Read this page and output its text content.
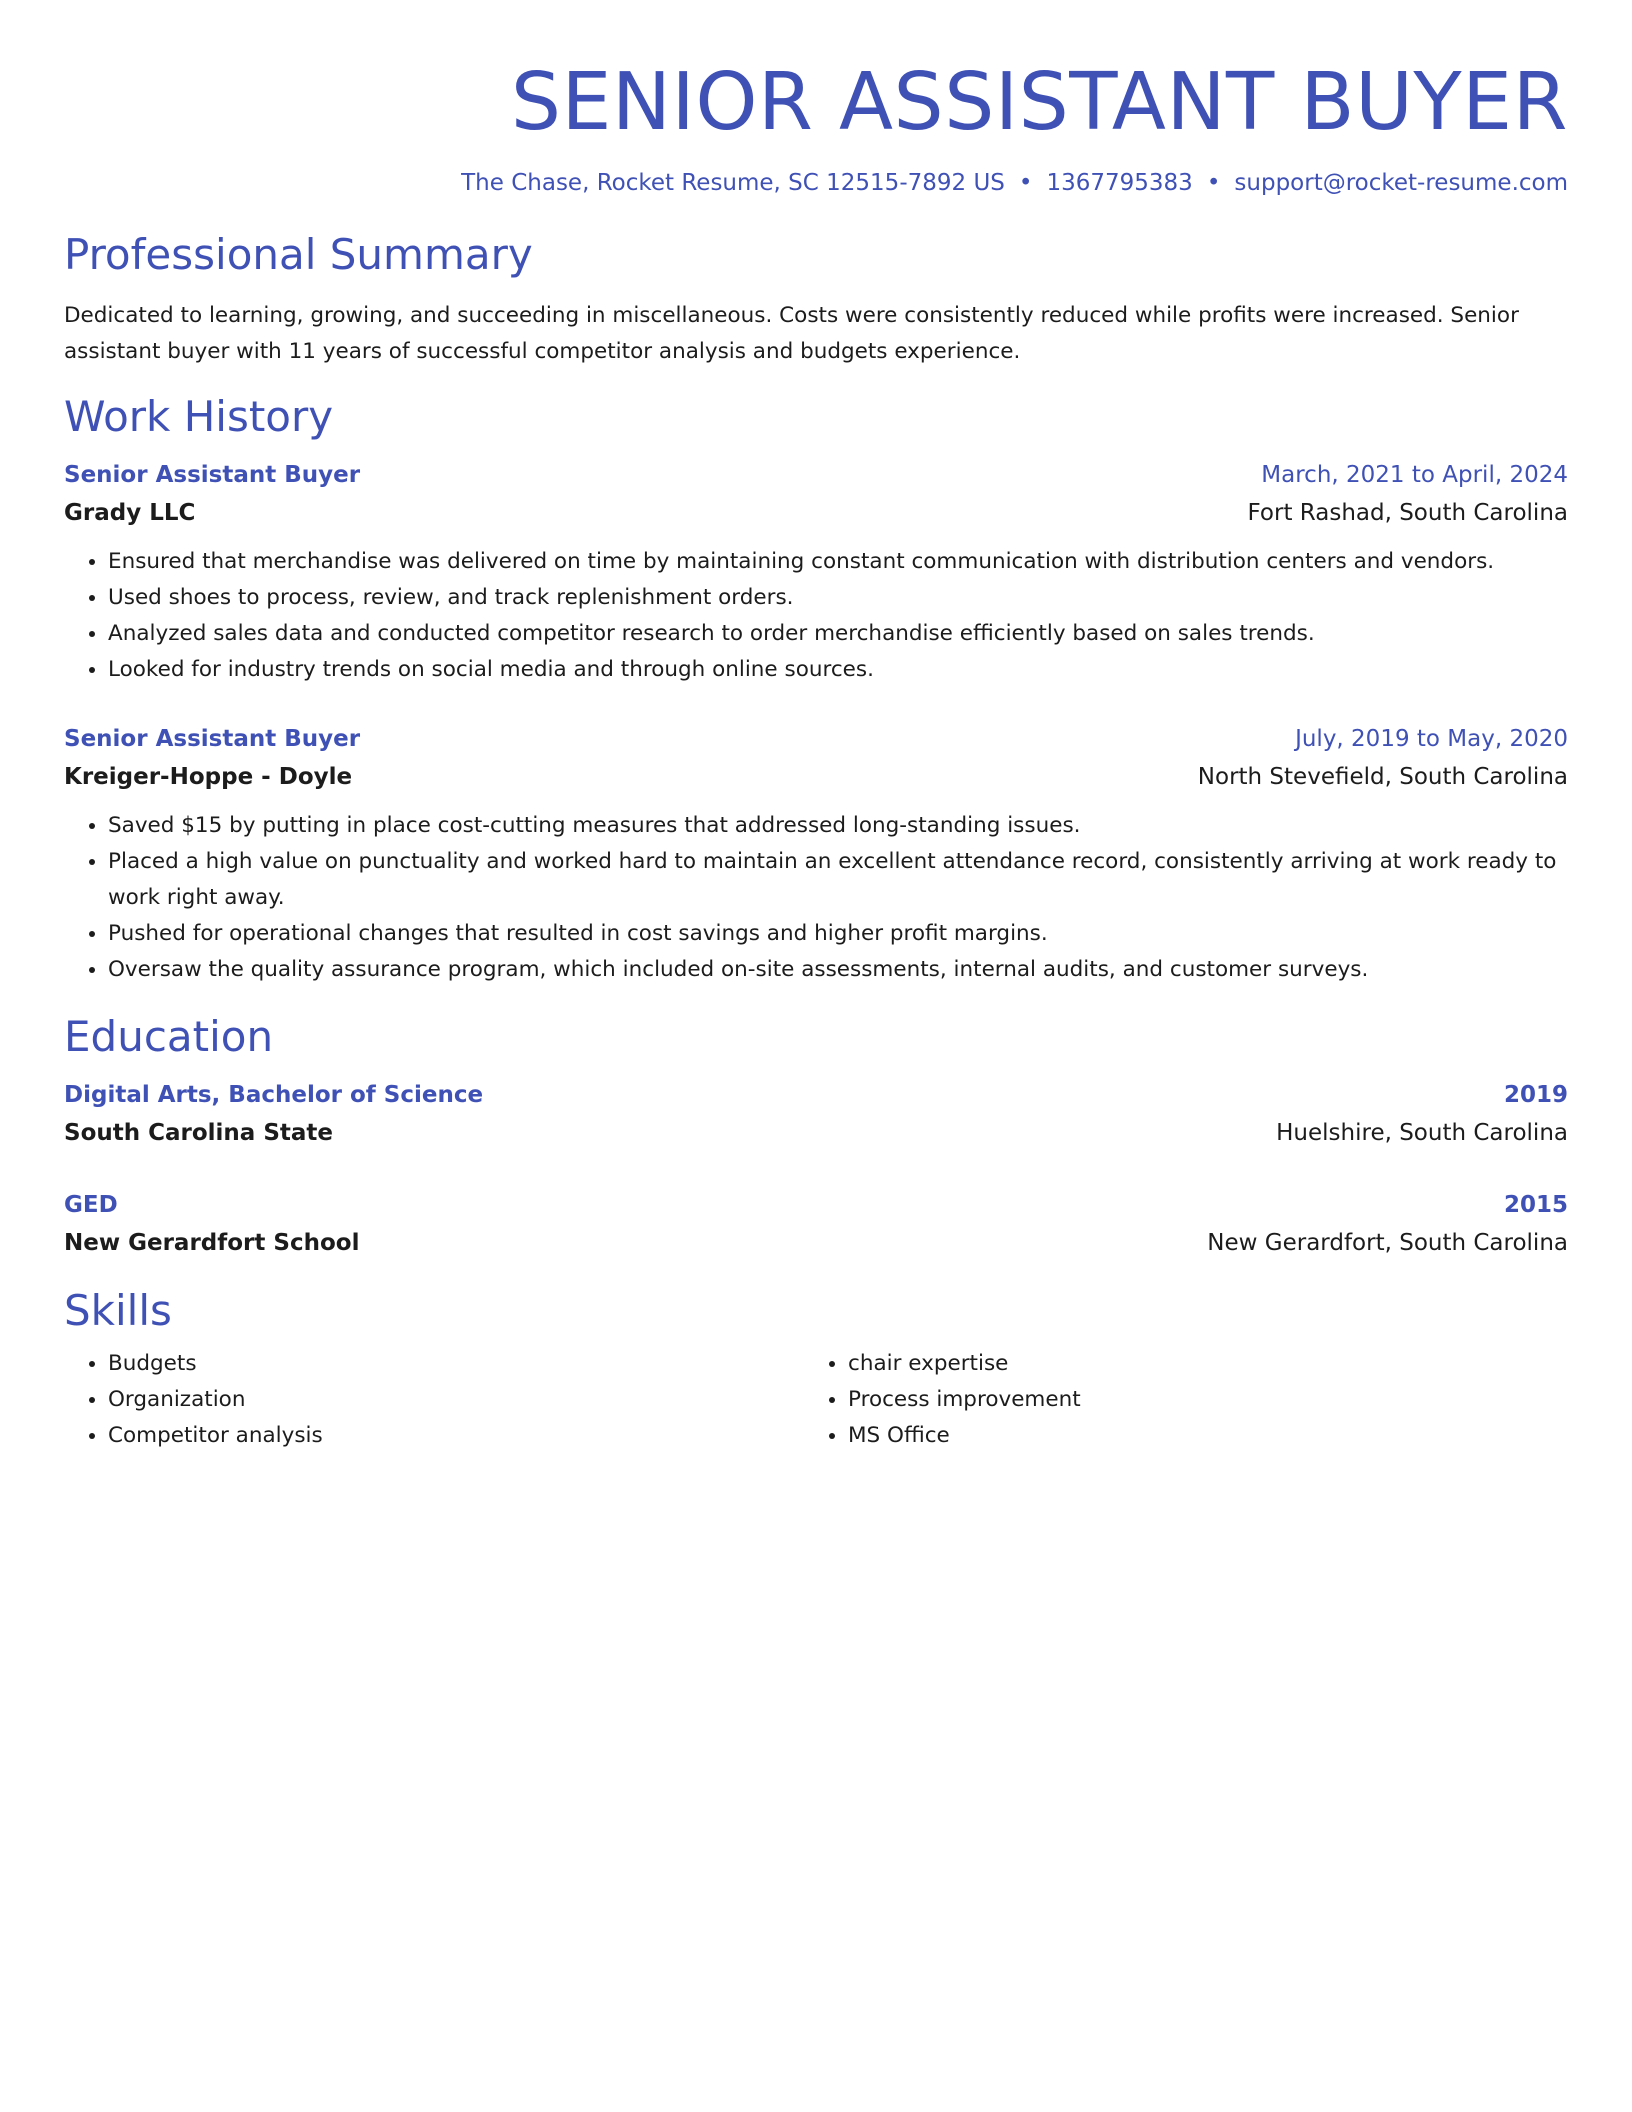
SENIOR ASSISTANT BUYER
The Chase, Rocket Resume, SC 12515-7892 US • 1367795383 • support@rocket-resume.com
Professional Summary
Dedicated to learning, growing, and succeeding in miscellaneous. Costs were consistently reduced while profits were increased. Senior assistant buyer with 11 years of successful competitor analysis and budgets experience.
Work History
Senior Assistant Buyer	March, 2021 to April, 2024
Grady LLC	Fort Rashad, South Carolina
• Ensured that merchandise was delivered on time by maintaining constant communication with distribution centers and vendors.
• Used shoes to process, review, and track replenishment orders.
• Analyzed sales data and conducted competitor research to order merchandise efficiently based on sales trends.
• Looked for industry trends on social media and through online sources.
Senior Assistant Buyer	July, 2019 to May, 2020
Kreiger-Hoppe - Doyle	North Stevefield, South Carolina
• Saved $15 by putting in place cost-cutting measures that addressed long-standing issues.
• Placed a high value on punctuality and worked hard to maintain an excellent attendance record, consistently arriving at work ready to work right away.
• Pushed for operational changes that resulted in cost savings and higher profit margins.
• Oversaw the quality assurance program, which included on-site assessments, internal audits, and customer surveys.
Education
Digital Arts, Bachelor of Science	2019
South Carolina State	Huelshire, South Carolina
GED	2015
New Gerardfort School	New Gerardfort, South Carolina
Skills
• Budgets
• Organization
• Competitor analysis
• chair expertise
• Process improvement
• MS Office
